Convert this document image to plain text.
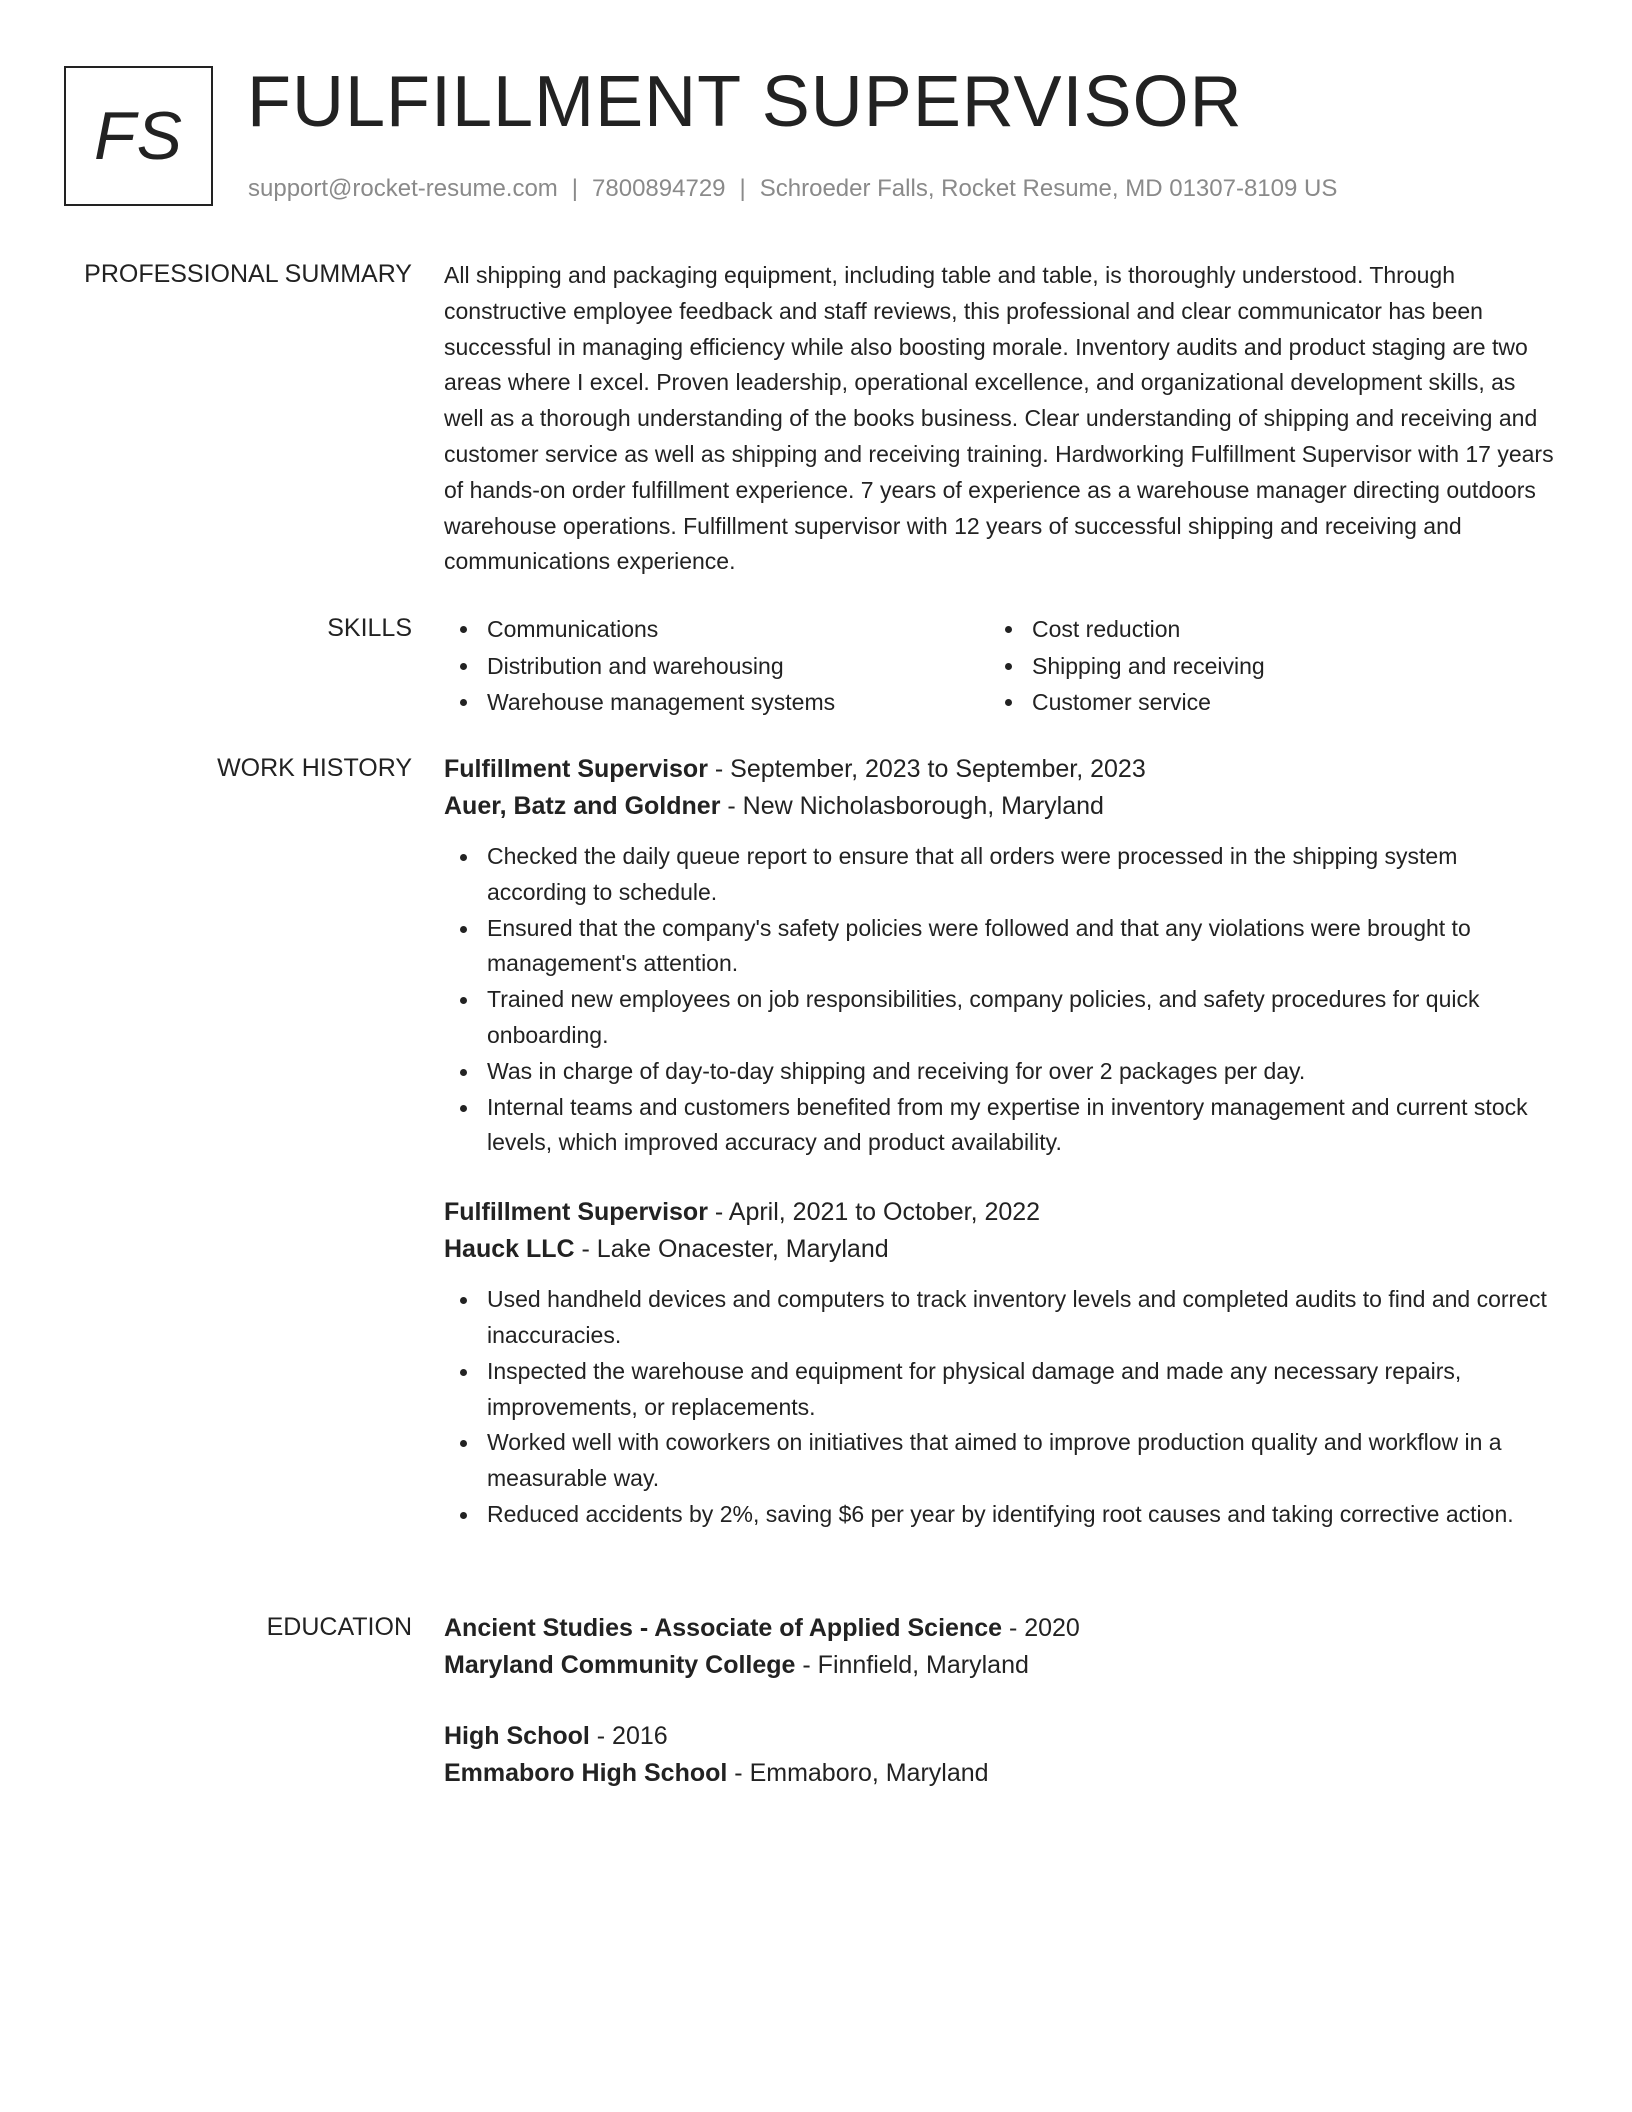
FS FULFILLMENT SUPERVISOR
support@rocket-resume.com | 7800894729 | Schroeder Falls, Rocket Resume, MD 01307-8109 US
PROFESSIONAL SUMMARY All shipping and packaging equipment, including table and table, is thoroughly understood. Through constructive employee feedback and staff reviews, this professional and clear communicator has been successful in managing efficiency while also boosting morale. Inventory audits and product staging are two areas where I excel. Proven leadership, operational excellence, and organizational development skills, as well as a thorough understanding of the books business. Clear understanding of shipping and receiving and customer service as well as shipping and receiving training. Hardworking Fulfillment Supervisor with 17 years of hands-on order fulfillment experience. 7 years of experience as a warehouse manager directing outdoors warehouse operations. Fulfillment supervisor with 12 years of successful shipping and receiving and communications experience.

SKILLS	Communications
Distribution and warehousing
Warehouse management systems
Cost reduction
Shipping and receiving
Customer service
WORK HISTORY Fulfillment Supervisor - September, 2023 to September, 2023
Auer, Batz and Goldner - New Nicholasborough, Maryland
Checked the daily queue report to ensure that all orders were processed in the shipping system according to schedule.
Ensured that the company's safety policies were followed and that any violations were brought to management's attention.
Trained new employees on job responsibilities, company policies, and safety procedures for quick onboarding.
Was in charge of day-to-day shipping and receiving for over 2 packages per day.
Internal teams and customers benefited from my expertise in inventory management and current stock levels, which improved accuracy and product availability.
Fulfillment Supervisor - April, 2021 to October, 2022
Hauck LLC - Lake Onacester, Maryland
Used handheld devices and computers to track inventory levels and completed audits to find and correct inaccuracies.
Inspected the warehouse and equipment for physical damage and made any necessary repairs, improvements, or replacements.
Worked well with coworkers on initiatives that aimed to improve production quality and workflow in a measurable way.
Reduced accidents by 2%, saving $6 per year by identifying root causes and taking corrective action.
EDUCATION Ancient Studies - Associate of Applied Science - 2020
Maryland Community College - Finnfield, Maryland
High School - 2016
Emmaboro High School - Emmaboro, Maryland
